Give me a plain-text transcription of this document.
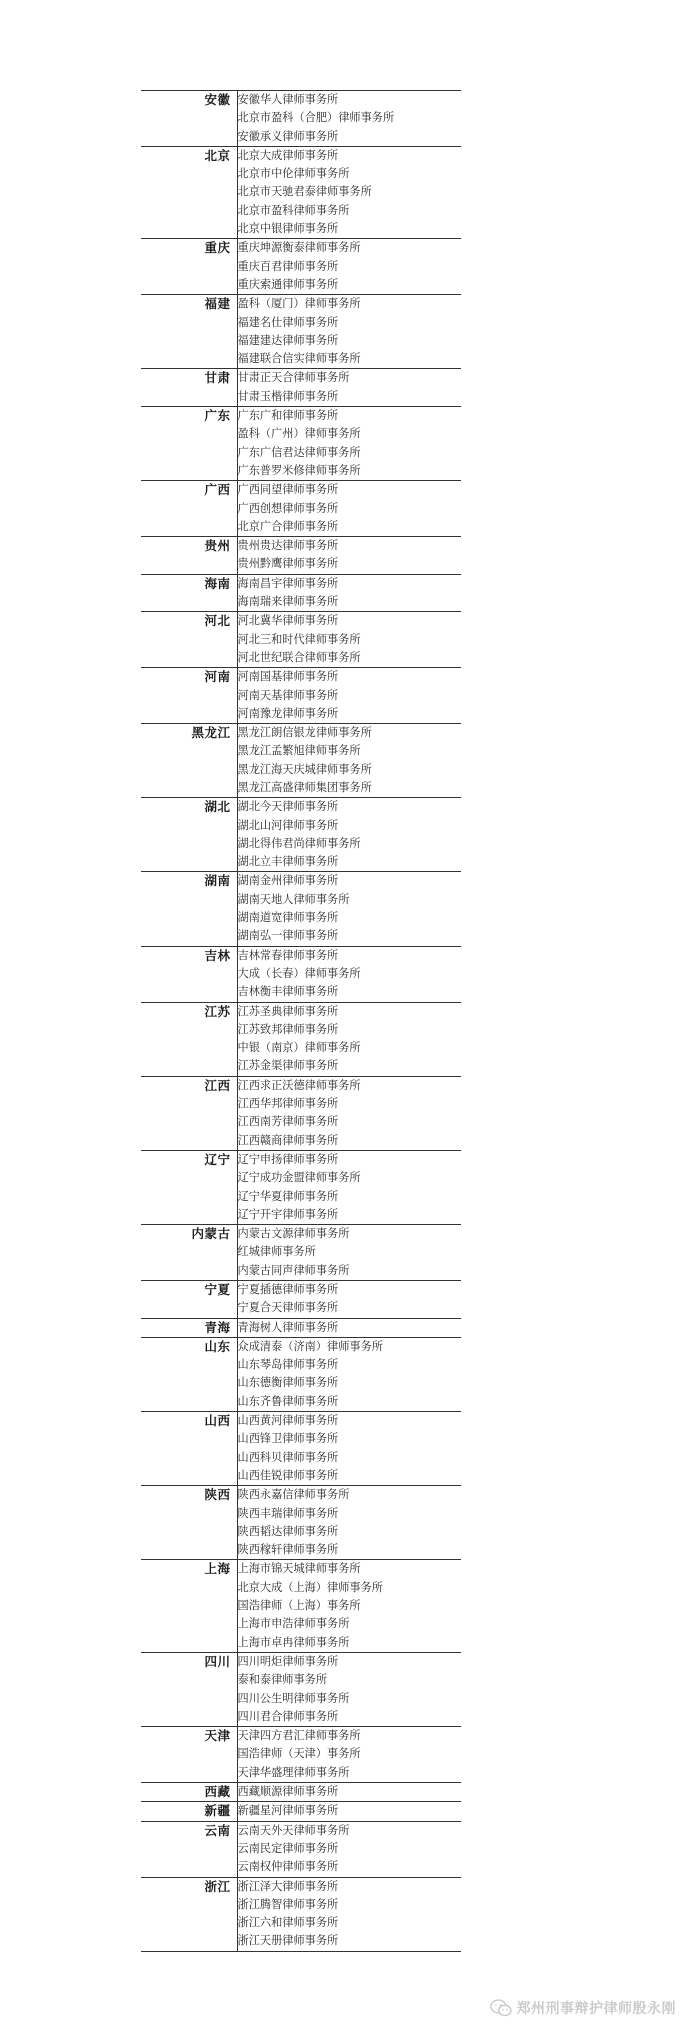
安徽	安徽华人律师事务所
北京市盈科（合肥）律师事务所
安徽承义律师事务所

北京	北京大成律师事务所
北京市中伦律师事务所
北京市天驰君泰律师事务所
北京市盈科律师事务所
北京中银律师事务所

重庆	重庆坤源衡泰律师事务所
重庆百君律师事务所
重庆索通律师事务所

福建	盈科（厦门）律师事务所
福建名仕律师事务所
福建建达律师事务所
福建联合信实律师事务所

甘肃	甘肃正天合律师事务所
甘肃玉楷律师事务所

广东	广东广和律师事务所
盈科（广州）律师事务所
广东广信君达律师事务所
广东普罗米修律师事务所

广西	广西同望律师事务所
广西创想律师事务所
北京广合律师事务所

贵州	贵州贵达律师事务所
贵州黔鹰律师事务所

海南	海南昌宇律师事务所
海南瑞来律师事务所

河北	河北冀华律师事务所
河北三和时代律师事务所
河北世纪联合律师事务所

河南	河南国基律师事务所
河南天基律师事务所
河南豫龙律师事务所

黑龙江	黑龙江朗信银龙律师事务所
黑龙江孟繁旭律师事务所
黑龙江海天庆城律师事务所
黑龙江高盛律师集团事务所

湖北	湖北今天律师事务所
湖北山河律师事务所
湖北得伟君尚律师事务所
湖北立丰律师事务所

湖南	湖南金州律师事务所
湖南天地人律师事务所
湖南道宽律师事务所
湖南弘一律师事务所

吉林	吉林常春律师事务所
大成（长春）律师事务所
吉林衡丰律师事务所

江苏	江苏圣典律师事务所
江苏致邦律师事务所
中银（南京）律师事务所
江苏金渠律师事务所

江西	江西求正沃德律师事务所
江西华邦律师事务所
江西南芳律师事务所
江西赣商律师事务所

辽宁	辽宁申扬律师事务所
辽宁成功金盟律师事务所
辽宁华夏律师事务所
辽宁开宇律师事务所

内蒙古	内蒙古文源律师事务所
红城律师事务所
内蒙古同声律师事务所

宁夏	宁夏插德律师事务所
宁夏合天律师事务所

青海	青海树人律师事务所

山东	众成清泰（济南）律师事务所
山东琴岛律师事务所
山东德衡律师事务所
山东齐鲁律师事务所

山西	山西黄河律师事务所
山西锋卫律师事务所
山西科贝律师事务所
山西佳锐律师事务所

陕西	陕西永嘉信律师事务所
陕西丰瑞律师事务所
陕西韬达律师事务所
陕西稼轩律师事务所

上海	上海市锦天城律师事务所
北京大成（上海）律师事务所
国浩律师（上海）事务所
上海市申浩律师事务所
上海市卓冉律师事务所

四川	四川明炬律师事务所
泰和泰律师事务所
四川公生明律师事务所
四川君合律师事务所

天津	天津四方君汇律师事务所
国浩律师（天津）事务所
天津华盛理律师事务所

西藏	西藏顺源律师事务所

新疆	新疆星河律师事务所

云南	云南天外天律师事务所
云南民定律师事务所
云南权仲律师事务所

浙江	浙江泽大律师事务所
浙江腾智律师事务所
浙江六和律师事务所
浙江天册律师事务所
郑州刑事辩护律师殷永刚
